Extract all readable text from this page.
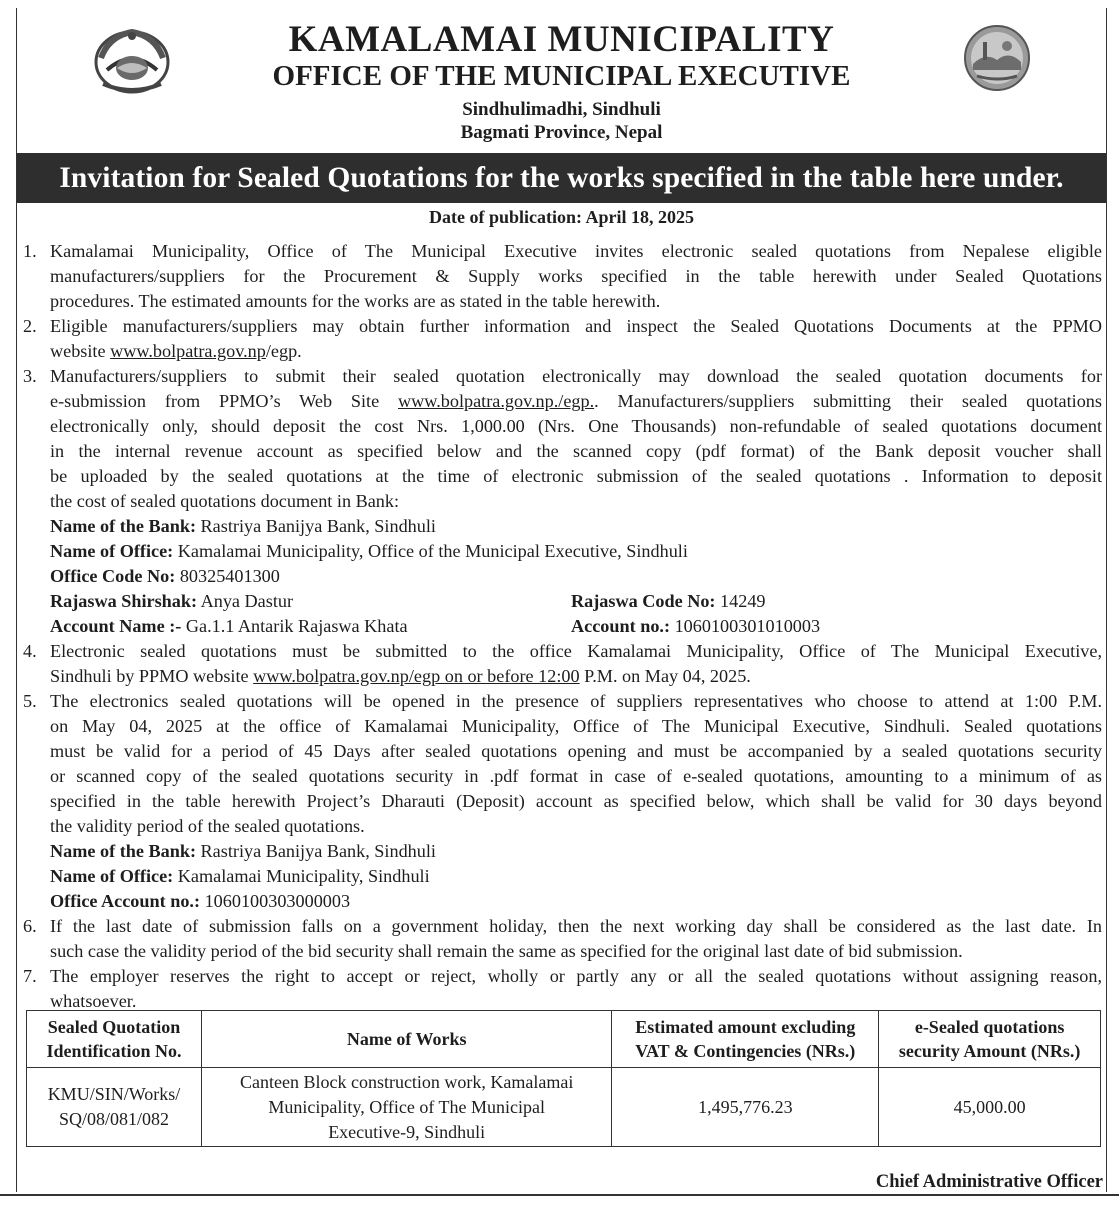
KAMALAMAI MUNICIPALITY
OFFICE OF THE MUNICIPAL EXECUTIVE
Sindhulimadhi, Sindhuli
Bagmati Province, Nepal
Invitation for Sealed Quotations for the works specified in the table here under.
Date of publication: April 18, 2025
1. Kamalamai Municipality, Office of The Municipal Executive invites electronic sealed quotations from Nepalese eligible
manufacturers/suppliers for the Procurement & Supply works specified in the table herewith under Sealed Quotations
procedures. The estimated amounts for the works are as stated in the table herewith.
2. Eligible manufacturers/suppliers may obtain further information and inspect the Sealed Quotations Documents at the PPMO
website www.bolpatra.gov.np/egp.
3. Manufacturers/suppliers to submit their sealed quotation electronically may download the sealed quotation documents for
e-submission from PPMO’s Web Site www.bolpatra.gov.np./egp.. Manufacturers/suppliers submitting their sealed quotations
electronically only, should deposit the cost Nrs. 1,000.00 (Nrs. One Thousands) non-refundable of sealed quotations document
in the internal revenue account as specified below and the scanned copy (pdf format) of the Bank deposit voucher shall
be uploaded by the sealed quotations at the time of electronic submission of the sealed quotations . Information to deposit
the cost of sealed quotations document in Bank:
Name of the Bank: Rastriya Banijya Bank, Sindhuli
Name of Office: Kamalamai Municipality, Office of the Municipal Executive, Sindhuli
Office Code No: 80325401300
Rajaswa Shirshak: Anya Dastur	Rajaswa Code No: 14249
Account Name :- Ga.1.1 Antarik Rajaswa Khata	Account no.: 1060100301010003
4. Electronic sealed quotations must be submitted to the office Kamalamai Municipality, Office of The Municipal Executive,
Sindhuli by PPMO website www.bolpatra.gov.np/egp on or before 12:00 P.M. on May 04, 2025.
5. The electronics sealed quotations will be opened in the presence of suppliers representatives who choose to attend at 1:00 P.M.
on May 04, 2025 at the office of Kamalamai Municipality, Office of The Municipal Executive, Sindhuli. Sealed quotations
must be valid for a period of 45 Days after sealed quotations opening and must be accompanied by a sealed quotations security
or scanned copy of the sealed quotations security in .pdf format in case of e-sealed quotations, amounting to a minimum of as
specified in the table herewith Project’s Dharauti (Deposit) account as specified below, which shall be valid for 30 days beyond
the validity period of the sealed quotations.
Name of the Bank: Rastriya Banijya Bank, Sindhuli
Name of Office: Kamalamai Municipality, Sindhuli
Office Account no.: 1060100303000003
6. If the last date of submission falls on a government holiday, then the next working day shall be considered as the last date. In
such case the validity period of the bid security shall remain the same as specified for the original last date of bid submission.
7. The employer reserves the right to accept or reject, wholly or partly any or all the sealed quotations without assigning reason,
whatsoever.
Sealed Quotation
Identification No.	Name of Works	Estimated amount excluding
VAT & Contingencies (NRs.)	e-Sealed quotations
security Amount (NRs.)
KMU/SIN/Works/
SQ/08/081/082	Canteen Block construction work, Kamalamai
Municipality, Office of The Municipal
Executive-9, Sindhuli	1,495,776.23	45,000.00
Chief Administrative Officer
